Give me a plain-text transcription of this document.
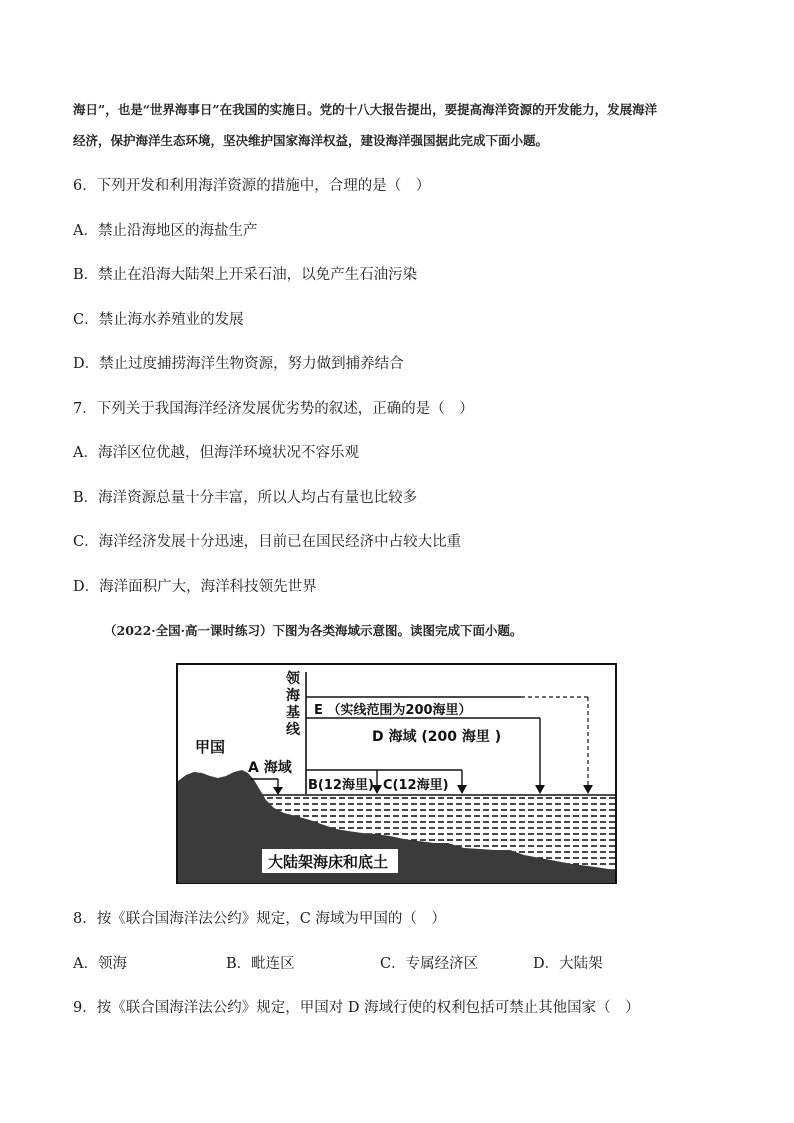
海日”，也是“世界海事日”在我国的实施日。党的十八大报告提出，要提高海洋资源的开发能力，发展海洋
经济，保护海洋生态环境，坚决维护国家海洋权益，建设海洋强国据此完成下面小题。
6．下列开发和利用海洋资源的措施中，合理的是（　）
A．禁止沿海地区的海盐生产
B．禁止在沿海大陆架上开采石油，以免产生石油污染
C．禁止海水养殖业的发展
D．禁止过度捕捞海洋生物资源，努力做到捕养结合
7．下列关于我国海洋经济发展优劣势的叙述，正确的是（　）
A．海洋区位优越，但海洋环境状况不容乐观
B．海洋资源总量十分丰富，所以人均占有量也比较多
C．海洋经济发展十分迅速，目前已在国民经济中占较大比重
D．海洋面积广大，海洋科技领先世界
（2022·全国·高一课时练习）下图为各类海域示意图。读图完成下面小题。
大陆架海床和底土
领
海
基
线
E （实线范围为200海里）
D 海域 (200 海里 )
B(12海里) C(12海里)
A 海域
甲国
8．按《联合国海洋法公约》规定，C 海域为甲国的（　）
A．领海	B．毗连区	C．专属经济区	D．大陆架
9．按《联合国海洋法公约》规定，甲国对 D 海域行使的权利包括可禁止其他国家（　）
